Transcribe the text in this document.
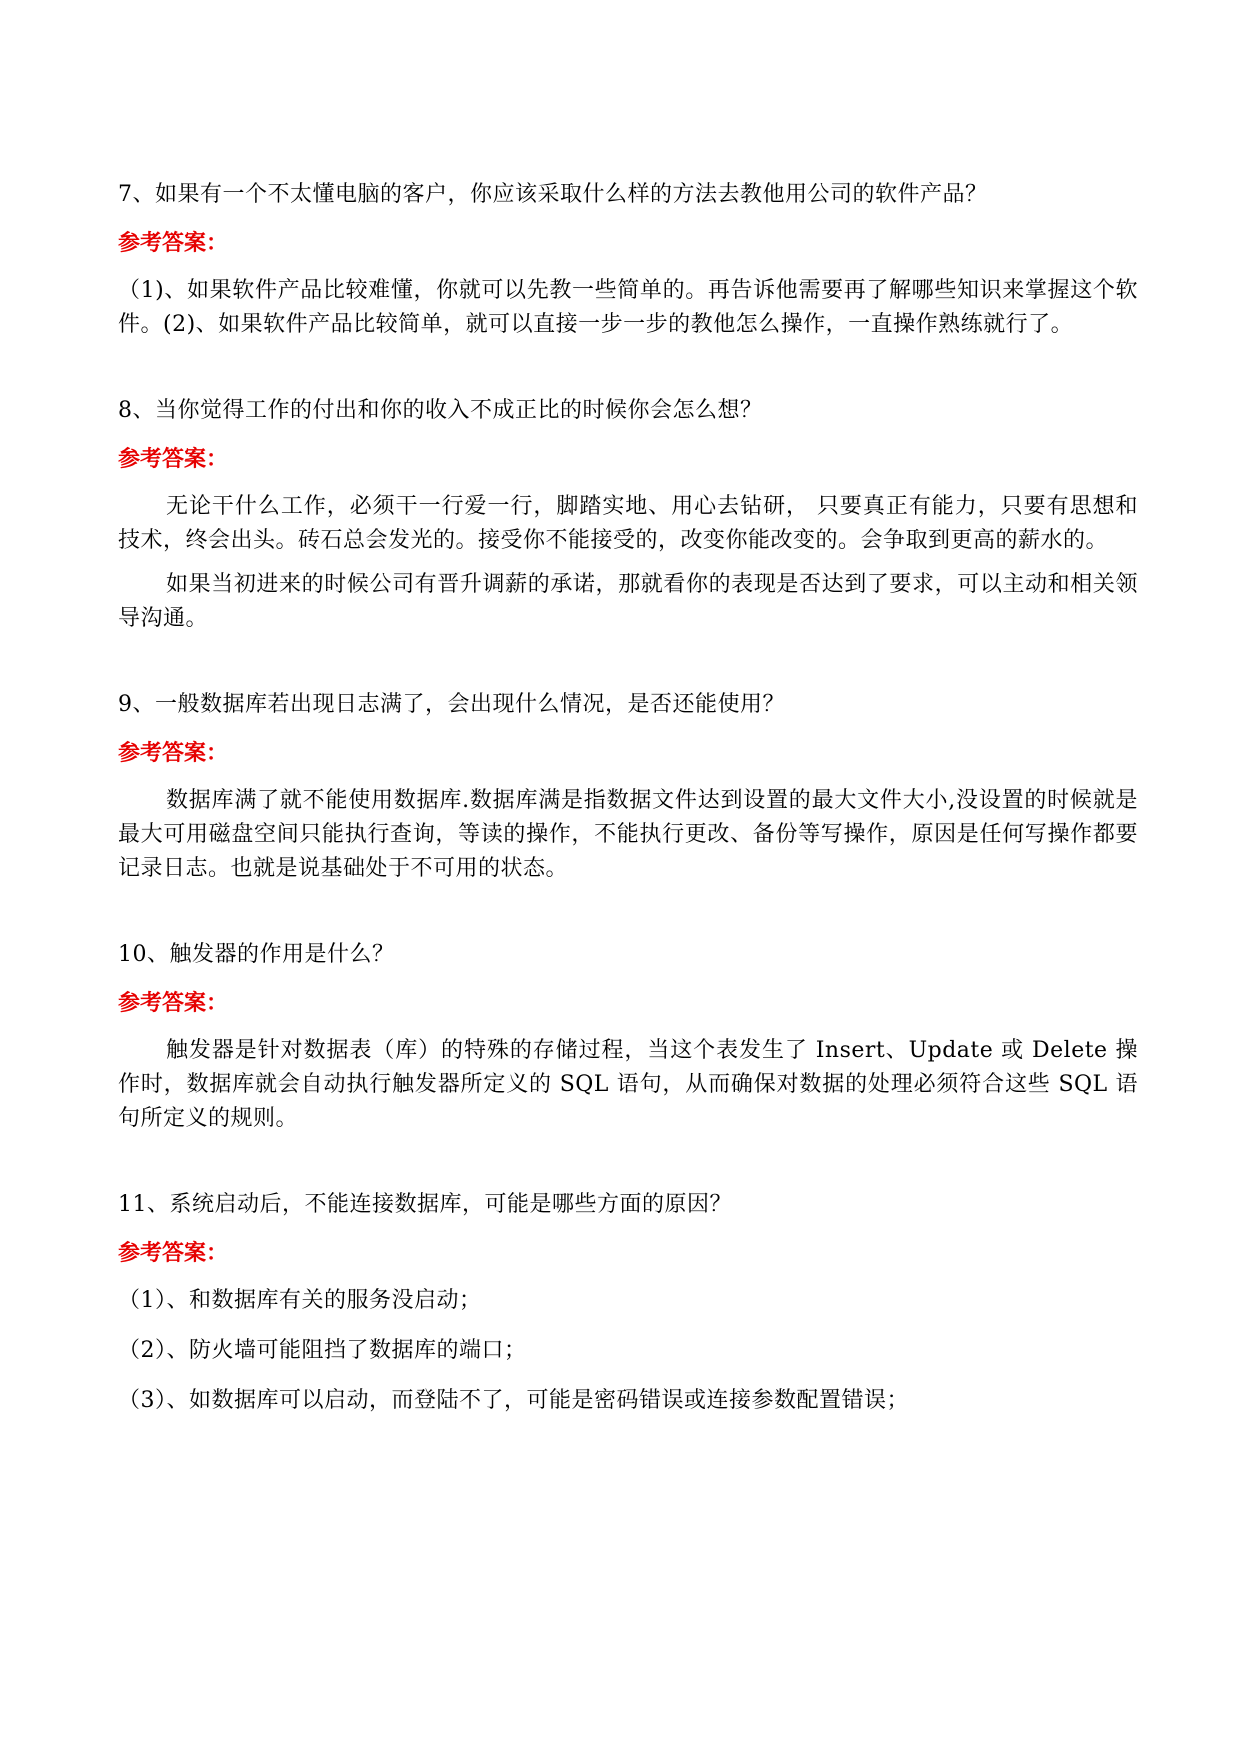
7、如果有一个不太懂电脑的客户，你应该采取什么样的方法去教他用公司的软件产品？

参考答案：

（1)、如果软件产品比较难懂，你就可以先教一些简单的。再告诉他需要再了解哪些知识来掌握这个软件。(2)、如果软件产品比较简单，就可以直接一步一步的教他怎么操作，一直操作熟练就行了。

8、当你觉得工作的付出和你的收入不成正比的时候你会怎么想？

参考答案：

无论干什么工作，必须干一行爱一行，脚踏实地、用心去钻研， 只要真正有能力，只要有思想和技术，终会出头。砖石总会发光的。接受你不能接受的，改变你能改变的。会争取到更高的薪水的。

如果当初进来的时候公司有晋升调薪的承诺，那就看你的表现是否达到了要求，可以主动和相关领导沟通。

9、一般数据库若出现日志满了，会出现什么情况，是否还能使用？

参考答案：

数据库满了就不能使用数据库.数据库满是指数据文件达到设置的最大文件大小,没设置的时候就是最大可用磁盘空间只能执行查询，等读的操作，不能执行更改、备份等写操作，原因是任何写操作都要记录日志。也就是说基础处于不可用的状态。

10、触发器的作用是什么？

参考答案：

触发器是针对数据表（库）的特殊的存储过程，当这个表发生了 Insert、Update 或 Delete 操作时，数据库就会自动执行触发器所定义的 SQL 语句，从而确保对数据的处理必须符合这些 SQL 语句所定义的规则。

11、系统启动后，不能连接数据库，可能是哪些方面的原因？

参考答案：

（1）、和数据库有关的服务没启动；

（2）、防火墙可能阻挡了数据库的端口；

（3）、如数据库可以启动，而登陆不了，可能是密码错误或连接参数配置错误；
